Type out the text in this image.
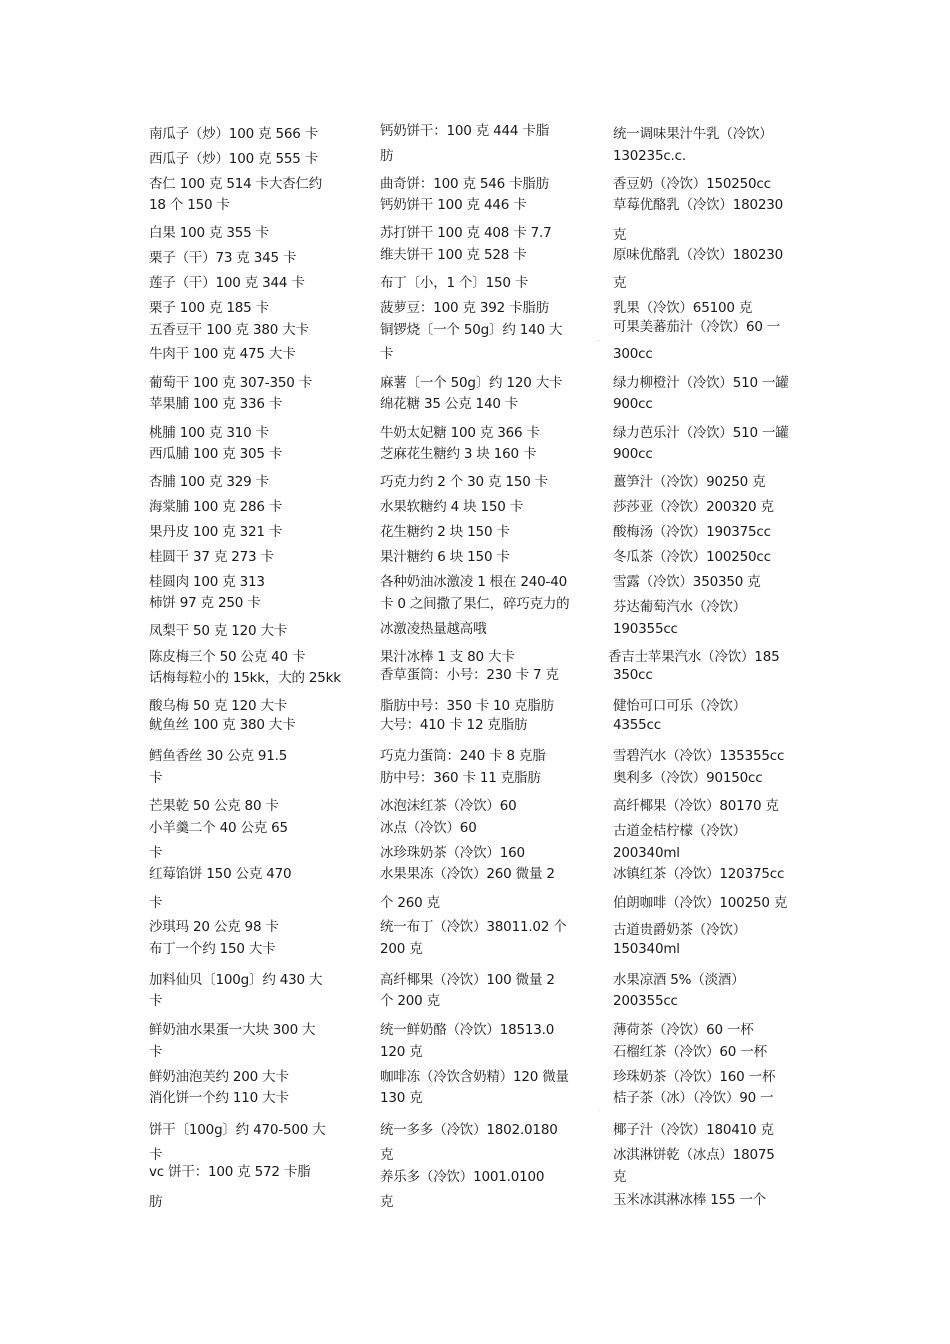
南瓜子（炒）100 克 566 卡
西瓜子（炒）100 克 555 卡
杏仁 100 克 514 卡大杏仁约
18 个 150 卡
白果 100 克 355 卡
栗子（干）73 克 345 卡
莲子（干）100 克 344 卡
栗子 100 克 185 卡
五香豆干 100 克 380 大卡
牛肉干 100 克 475 大卡
葡萄干 100 克 307-350 卡
苹果脯 100 克 336 卡
桃脯 100 克 310 卡
西瓜脯 100 克 305 卡
杏脯 100 克 329 卡
海棠脯 100 克 286 卡
果丹皮 100 克 321 卡
桂圆干 37 克 273 卡
桂圆肉 100 克 313
柿饼 97 克 250 卡
凤梨干 50 克 120 大卡
陈皮梅三个 50 公克 40 卡
话梅每粒小的 15kk，大的 25kk
酸乌梅 50 克 120 大卡
鱿鱼丝 100 克 380 大卡
鳕鱼香丝 30 公克 91.5
卡
芒果乾 50 公克 80 卡
小羊羹二个 40 公克 65
卡
红莓馅饼 150 公克 470
卡
沙琪玛 20 公克 98 卡
布丁一个约 150 大卡
加料仙贝〔100g〕约 430 大
卡
鲜奶油水果蛋一大块 300 大
卡
鲜奶油泡芙约 200 大卡
消化饼一个约 110 大卡
饼干〔100g〕约 470-500 大
卡
vc 饼干：100 克 572 卡脂
肪
钙奶饼干：100 克 444 卡脂
肪
曲奇饼：100 克 546 卡脂肪
钙奶饼干 100 克 446 卡
苏打饼干 100 克 408 卡 7.7
维夫饼干 100 克 528 卡
布丁〔小，1 个〕150 卡
菠萝豆：100 克 392 卡脂肪
铜锣烧〔一个 50g〕约 140 大
卡
麻薯〔一个 50g〕约 120 大卡
绵花糖 35 公克 140 卡
牛奶太妃糖 100 克 366 卡
芝麻花生糖约 3 块 160 卡
巧克力约 2 个 30 克 150 卡
水果软糖约 4 块 150 卡
花生糖约 2 块 150 卡
果汁糖约 6 块 150 卡
各种奶油冰激凌 1 根在 240-40
卡 0 之间撒了果仁，碎巧克力的
冰激凌热量越高哦
果汁冰棒 1 支 80 大卡
香草蛋筒：小号：230 卡 7 克
脂肪中号：350 卡 10 克脂肪
大号：410 卡 12 克脂肪
巧克力蛋筒：240 卡 8 克脂
肪中号：360 卡 11 克脂肪
冰泡沫红茶（冷饮）60
冰点（冷饮）60
冰珍珠奶茶（冷饮）160
水果果冻（冷饮）260 微量 2
个 260 克
统一布丁（冷饮）38011.02 个
200 克
高纤椰果（冷饮）100 微量 2
个 200 克
统一鲜奶酪（冷饮）18513.0
120 克
咖啡冻（冷饮含奶精）120 微量
130 克
统一多多（冷饮）1802.0180
克
养乐多（冷饮）1001.0100
克
统一调味果汁牛乳（冷饮）
130235c.c.
香豆奶（冷饮）150250cc
草莓优酪乳（冷饮）180230
克
原味优酪乳（冷饮）180230
克
乳果（冷饮）65100 克
可果美蕃茄汁（冷饮）60 一
300cc
绿力柳橙汁（冷饮）510 一罐
900cc
绿力芭乐汁（冷饮）510 一罐
900cc
薑笋汁（冷饮）90250 克
莎莎亚（冷饮）200320 克
酸梅汤（冷饮）190375cc
冬瓜茶（冷饮）100250cc
雪露（冷饮）350350 克
芬达葡萄汽水（冷饮）
190355cc
香吉士苹果汽水（冷饮）185
350cc
健怡可口可乐（冷饮）
4355cc
雪碧汽水（冷饮）135355cc
奥利多（冷饮）90150cc
高纤椰果（冷饮）80170 克
古道金桔柠檬（冷饮）
200340ml
冰镇红茶（冷饮）120375cc
伯朗咖啡（冷饮）100250 克
古道贵爵奶茶（冷饮）
150340ml
水果凉酒 5%（淡酒）
200355cc
薄荷茶（冷饮）60 一杯
石榴红茶（冷饮）60 一杯
珍珠奶茶（冷饮）160 一杯
桔子茶（冰）（冷饮）90 一
椰子汁（冷饮）180410 克
冰淇淋饼乾（冰点）18075
克
玉米冰淇淋冰棒 155 一个
··
·
